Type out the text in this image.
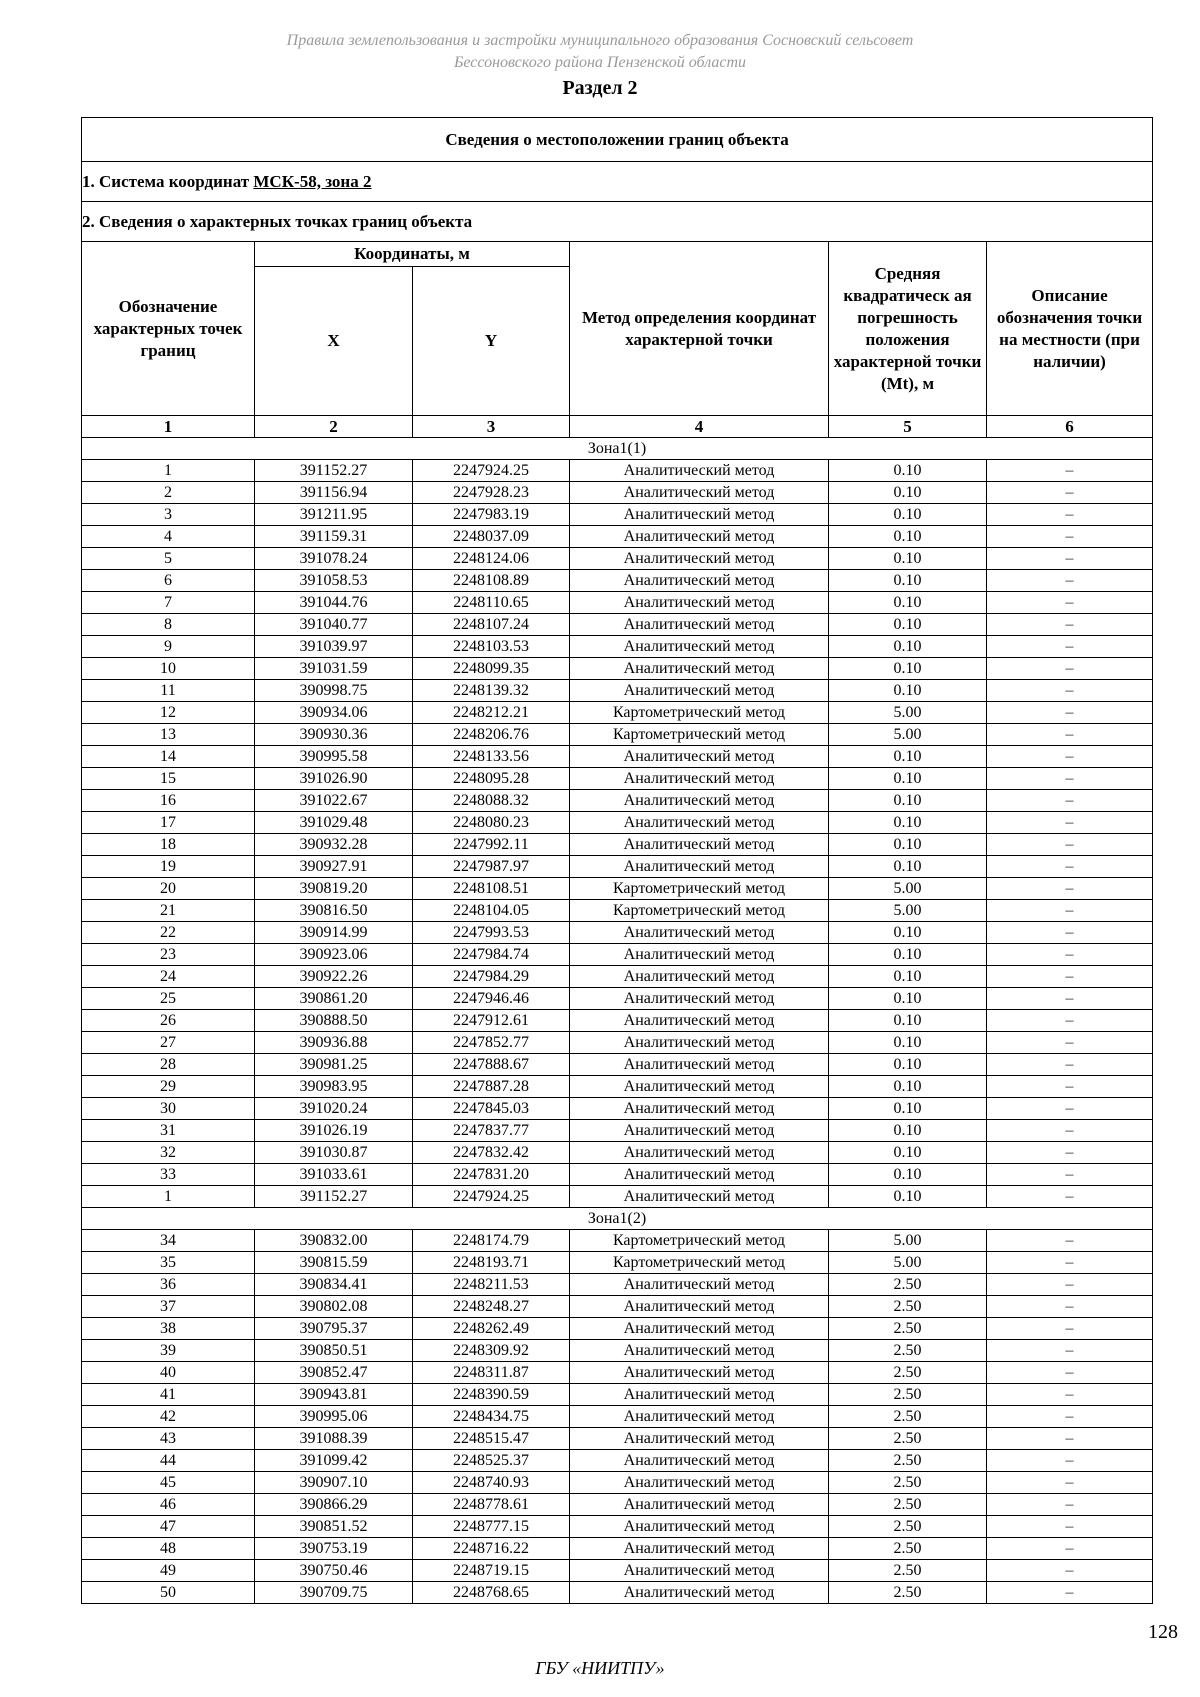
Правила землепользования и застройки муниципального образования Сосновский сельсовет
Бессоновского района Пензенской области
Раздел 2
Сведения о местоположении границ объекта					
1. Система координат МСК-58, зона 2					
2. Сведения о характерных точках границ объекта					
Обозначение характерных точек границ	Координаты, м		Метод определения координат характерной точки	Средняя квадратическ ая погрешность положения характерной точки (Mt), м	Описание обозначения точки на местности (при наличии)
	X	Y			
1	2	3	4	5	6
Зона1(1)					
1	391152.27	2247924.25	Аналитический метод	0.10	–
2	391156.94	2247928.23	Аналитический метод	0.10	–
3	391211.95	2247983.19	Аналитический метод	0.10	–
4	391159.31	2248037.09	Аналитический метод	0.10	–
5	391078.24	2248124.06	Аналитический метод	0.10	–
6	391058.53	2248108.89	Аналитический метод	0.10	–
7	391044.76	2248110.65	Аналитический метод	0.10	–
8	391040.77	2248107.24	Аналитический метод	0.10	–
9	391039.97	2248103.53	Аналитический метод	0.10	–
10	391031.59	2248099.35	Аналитический метод	0.10	–
11	390998.75	2248139.32	Аналитический метод	0.10	–
12	390934.06	2248212.21	Картометрический метод	5.00	–
13	390930.36	2248206.76	Картометрический метод	5.00	–
14	390995.58	2248133.56	Аналитический метод	0.10	–
15	391026.90	2248095.28	Аналитический метод	0.10	–
16	391022.67	2248088.32	Аналитический метод	0.10	–
17	391029.48	2248080.23	Аналитический метод	0.10	–
18	390932.28	2247992.11	Аналитический метод	0.10	–
19	390927.91	2247987.97	Аналитический метод	0.10	–
20	390819.20	2248108.51	Картометрический метод	5.00	–
21	390816.50	2248104.05	Картометрический метод	5.00	–
22	390914.99	2247993.53	Аналитический метод	0.10	–
23	390923.06	2247984.74	Аналитический метод	0.10	–
24	390922.26	2247984.29	Аналитический метод	0.10	–
25	390861.20	2247946.46	Аналитический метод	0.10	–
26	390888.50	2247912.61	Аналитический метод	0.10	–
27	390936.88	2247852.77	Аналитический метод	0.10	–
28	390981.25	2247888.67	Аналитический метод	0.10	–
29	390983.95	2247887.28	Аналитический метод	0.10	–
30	391020.24	2247845.03	Аналитический метод	0.10	–
31	391026.19	2247837.77	Аналитический метод	0.10	–
32	391030.87	2247832.42	Аналитический метод	0.10	–
33	391033.61	2247831.20	Аналитический метод	0.10	–
1	391152.27	2247924.25	Аналитический метод	0.10	–
Зона1(2)					
34	390832.00	2248174.79	Картометрический метод	5.00	–
35	390815.59	2248193.71	Картометрический метод	5.00	–
36	390834.41	2248211.53	Аналитический метод	2.50	–
37	390802.08	2248248.27	Аналитический метод	2.50	–
38	390795.37	2248262.49	Аналитический метод	2.50	–
39	390850.51	2248309.92	Аналитический метод	2.50	–
40	390852.47	2248311.87	Аналитический метод	2.50	–
41	390943.81	2248390.59	Аналитический метод	2.50	–
42	390995.06	2248434.75	Аналитический метод	2.50	–
43	391088.39	2248515.47	Аналитический метод	2.50	–
44	391099.42	2248525.37	Аналитический метод	2.50	–
45	390907.10	2248740.93	Аналитический метод	2.50	–
46	390866.29	2248778.61	Аналитический метод	2.50	–
47	390851.52	2248777.15	Аналитический метод	2.50	–
48	390753.19	2248716.22	Аналитический метод	2.50	–
49	390750.46	2248719.15	Аналитический метод	2.50	–
50	390709.75	2248768.65	Аналитический метод	2.50	–
128
ГБУ «НИИТПУ»
